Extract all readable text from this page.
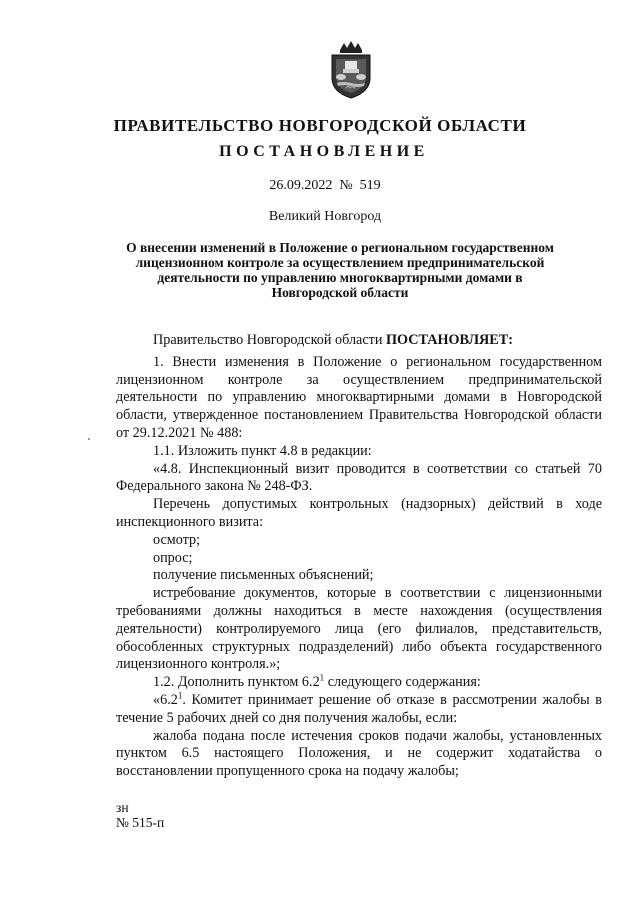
ПРАВИТЕЛЬСТВО НОВГОРОДСКОЙ ОБЛАСТИ
ПОСТАНОВЛЕНИЕ

26.09.2022 № 519

Великий Новгород

О внесении изменений в Положение о региональном государственном лицензионном контроле за осуществлением предпринимательской деятельности по управлению многоквартирными домами в Новгородской области

Правительство Новгородской области ПОСТАНОВЛЯЕТ:

1. Внести изменения в Положение о региональном государственном лицензионном контроле за осуществлением предпринимательской деятельности по управлению многоквартирными домами в Новгородской области, утвержденное постановлением Правительства Новгородской области от 29.12.2021 № 488:

1.1. Изложить пункт 4.8 в редакции:

«4.8. Инспекционный визит проводится в соответствии со статьей 70 Федерального закона № 248-ФЗ.

Перечень допустимых контрольных (надзорных) действий в ходе инспекционного визита:

осмотр;

опрос;

получение письменных объяснений;

истребование документов, которые в соответствии с лицензионными требованиями должны находиться в месте нахождения (осуществления деятельности) контролируемого лица (его филиалов, представительств, обособленных структурных подразделений) либо объекта государственного лицензионного контроля.»;

1.2. Дополнить пунктом $6.2^1$ следующего содержания:

«$6.2^1$. Комитет принимает решение об отказе в рассмотрении жалобы в течение 5 рабочих дней со дня получения жалобы, если:

жалоба подана после истечения сроков подачи жалобы, установленных пунктом 6.5 настоящего Положения, и не содержит ходатайства о восстановлении пропущенного срока на подачу жалобы;

зн
№ 515-п
